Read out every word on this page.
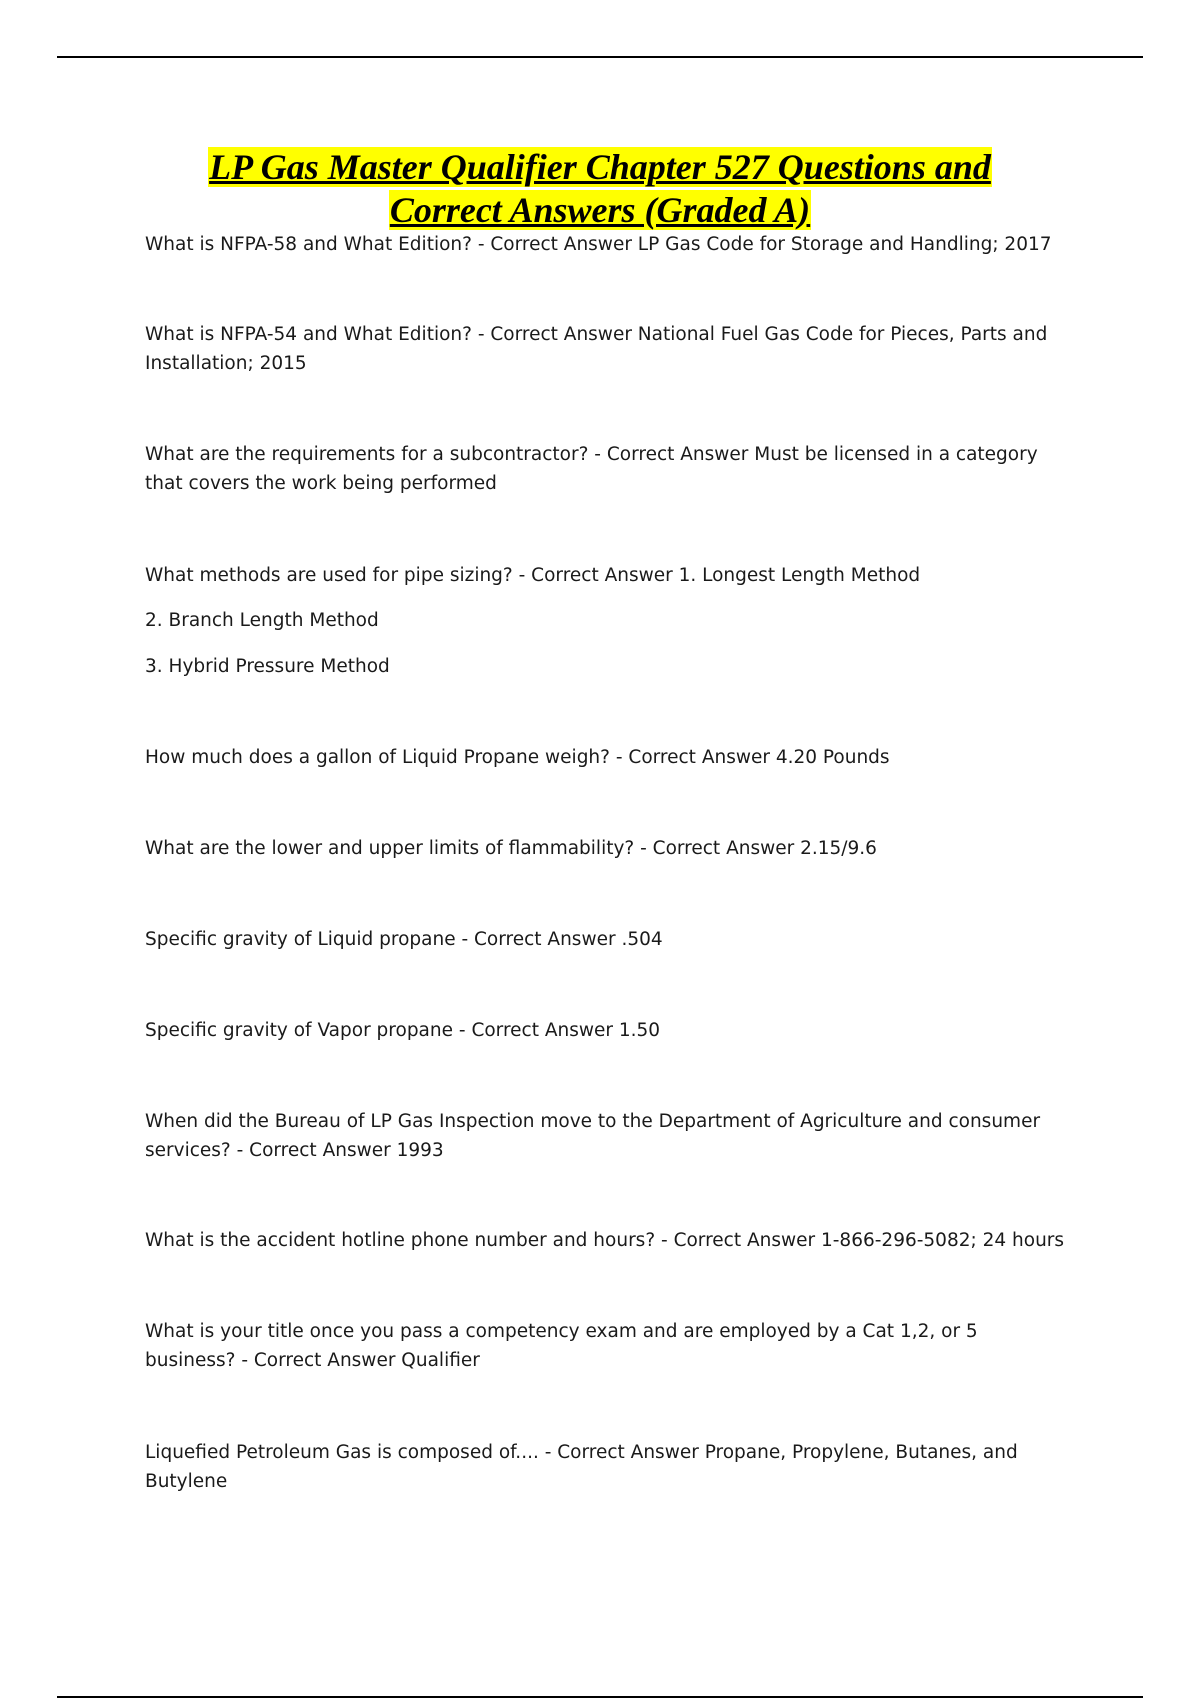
LP Gas Master Qualifier Chapter 527 Questions and
Correct Answers (Graded A)

What is NFPA-58 and What Edition? - Correct Answer LP Gas Code for Storage and Handling; 2017

What is NFPA-54 and What Edition? - Correct Answer National Fuel Gas Code for Pieces, Parts and Installation; 2015

What are the requirements for a subcontractor? - Correct Answer Must be licensed in a category that covers the work being performed

What methods are used for pipe sizing? - Correct Answer 1. Longest Length Method

2. Branch Length Method

3. Hybrid Pressure Method

How much does a gallon of Liquid Propane weigh? - Correct Answer 4.20 Pounds

What are the lower and upper limits of flammability? - Correct Answer 2.15/9.6

Specific gravity of Liquid propane - Correct Answer .504

Specific gravity of Vapor propane - Correct Answer 1.50

When did the Bureau of LP Gas Inspection move to the Department of Agriculture and consumer services? - Correct Answer 1993

What is the accident hotline phone number and hours? - Correct Answer 1-866-296-5082; 24 hours

What is your title once you pass a competency exam and are employed by a Cat 1,2, or 5 business? - Correct Answer Qualifier

Liquefied Petroleum Gas is composed of.... - Correct Answer Propane, Propylene, Butanes, and Butylene
